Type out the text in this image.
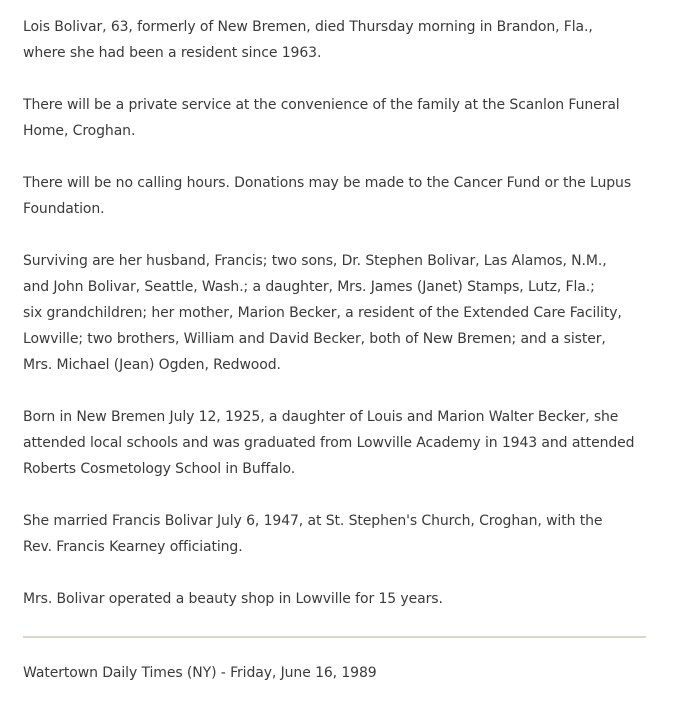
Lois Bolivar, 63, formerly of New Bremen, died Thursday morning in Brandon, Fla.,
where she had been a resident since 1963.
There will be a private service at the convenience of the family at the Scanlon Funeral
Home, Croghan.
There will be no calling hours. Donations may be made to the Cancer Fund or the Lupus
Foundation.
Surviving are her husband, Francis; two sons, Dr. Stephen Bolivar, Las Alamos, N.M.,
and John Bolivar, Seattle, Wash.; a daughter, Mrs. James (Janet) Stamps, Lutz, Fla.;
six grandchildren; her mother, Marion Becker, a resident of the Extended Care Facility,
Lowville; two brothers, William and David Becker, both of New Bremen; and a sister,
Mrs. Michael (Jean) Ogden, Redwood.
Born in New Bremen July 12, 1925, a daughter of Louis and Marion Walter Becker, she
attended local schools and was graduated from Lowville Academy in 1943 and attended
Roberts Cosmetology School in Buffalo.
She married Francis Bolivar July 6, 1947, at St. Stephen's Church, Croghan, with the
Rev. Francis Kearney officiating.
Mrs. Bolivar operated a beauty shop in Lowville for 15 years.
Watertown Daily Times (NY) - Friday, June 16, 1989
